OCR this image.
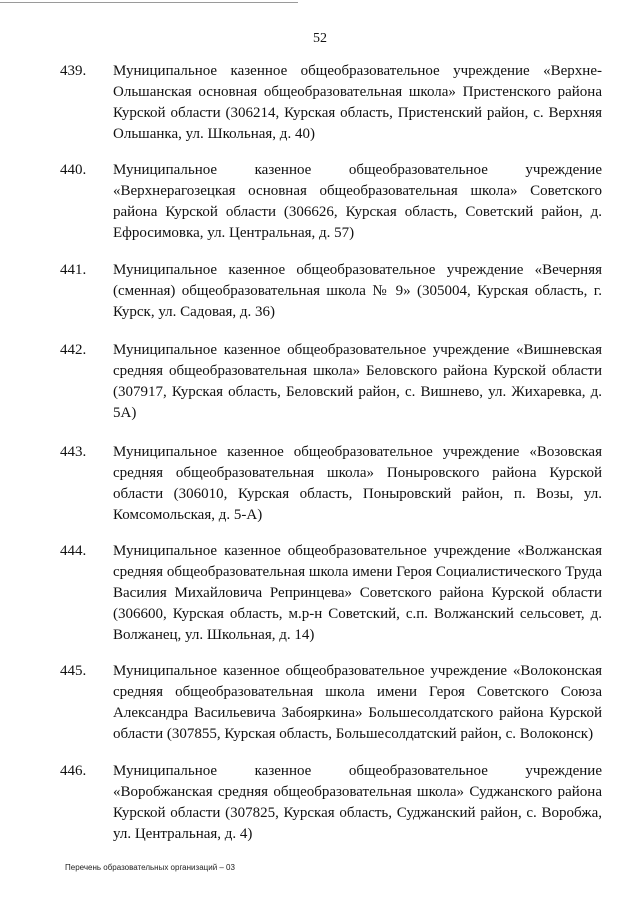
52
439. Муниципальное казенное общеобразовательное учреждение «Верхне-Ольшанская основная общеобразовательная школа» Пристенского района Курской области (306214, Курская область, Пристенский район, с. Верхняя Ольшанка, ул. Школьная, д. 40)
440. Муниципальное казенное общеобразовательное учреждение «Верхнерагозецкая основная общеобразовательная школа» Советского района Курской области (306626, Курская область, Советский район, д. Ефросимовка, ул. Центральная, д. 57)
441. Муниципальное казенное общеобразовательное учреждение «Вечерняя (сменная) общеобразовательная школа № 9» (305004, Курская область, г. Курск, ул. Садовая, д. 36)
442. Муниципальное казенное общеобразовательное учреждение «Вишневская средняя общеобразовательная школа» Беловского района Курской области (307917, Курская область, Беловский район, с. Вишнево, ул. Жихаревка, д. 5А)
443. Муниципальное казенное общеобразовательное учреждение «Возовская средняя общеобразовательная школа» Поныровского района Курской области (306010, Курская область, Поныровский район, п. Возы, ул. Комсомольская, д. 5-А)
444. Муниципальное казенное общеобразовательное учреждение «Волжанская средняя общеобразовательная школа имени Героя Социалистического Труда Василия Михайловича Репринцева» Советского района Курской области (306600, Курская область, м.р-н Советский, с.п. Волжанский сельсовет, д. Волжанец, ул. Школьная, д. 14)
445. Муниципальное казенное общеобразовательное учреждение «Волоконская средняя общеобразовательная школа имени Героя Советского Союза Александра Васильевича Забояркина» Большесолдатского района Курской области (307855, Курская область, Большесолдатский район, с. Волоконск)
446. Муниципальное казенное общеобразовательное учреждение «Воробжанская средняя общеобразовательная школа» Суджанского района Курской области (307825, Курская область, Суджанский район, с. Воробжа, ул. Центральная, д. 4)
Перечень образовательных организаций – 03
